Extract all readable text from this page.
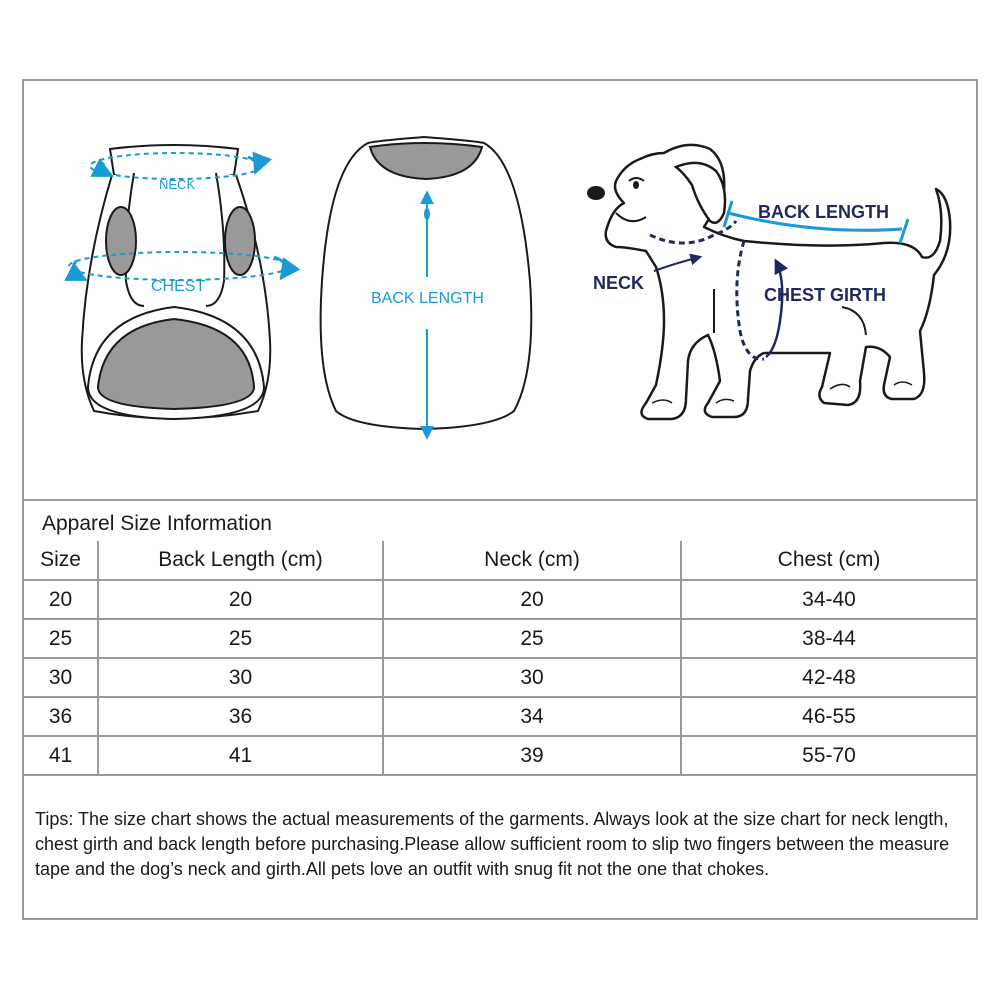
NECK
CHEST
BACK LENGTH
BACK LENGTH
NECK
CHEST GIRTH
Apparel Size Information
Size	Back Length (cm)	Neck (cm)	Chest (cm)
20	20	20	34-40
25	25	25	38-44
30	30	30	42-48
36	36	34	46-55
41	41	39	55-70
Tips: The size chart shows the actual measurements of the garments. Always look at the size chart for neck length, chest girth and back length before purchasing.Please allow sufficient room to slip two fingers between the measure tape and the dog’s neck and girth.All pets love an outfit with snug fit not the one that chokes.
